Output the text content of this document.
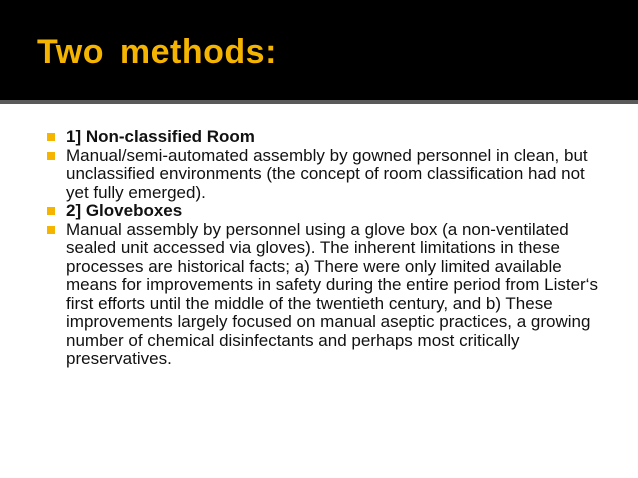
Two methods:
1] Non-classified Room
Manual/semi-automated assembly by gowned personnel in clean, but unclassified environments (the concept of room classification had not yet fully emerged).
2] Gloveboxes
Manual assembly by personnel using a glove box (a non-ventilated sealed unit accessed via gloves). The inherent limitations in these processes are historical facts; a) There were only limited available means for improvements in safety during the entire period from Lister‘s first efforts until the middle of the twentieth century, and b) These improvements largely focused on manual aseptic practices, a growing number of chemical disinfectants and perhaps most critically preservatives.
